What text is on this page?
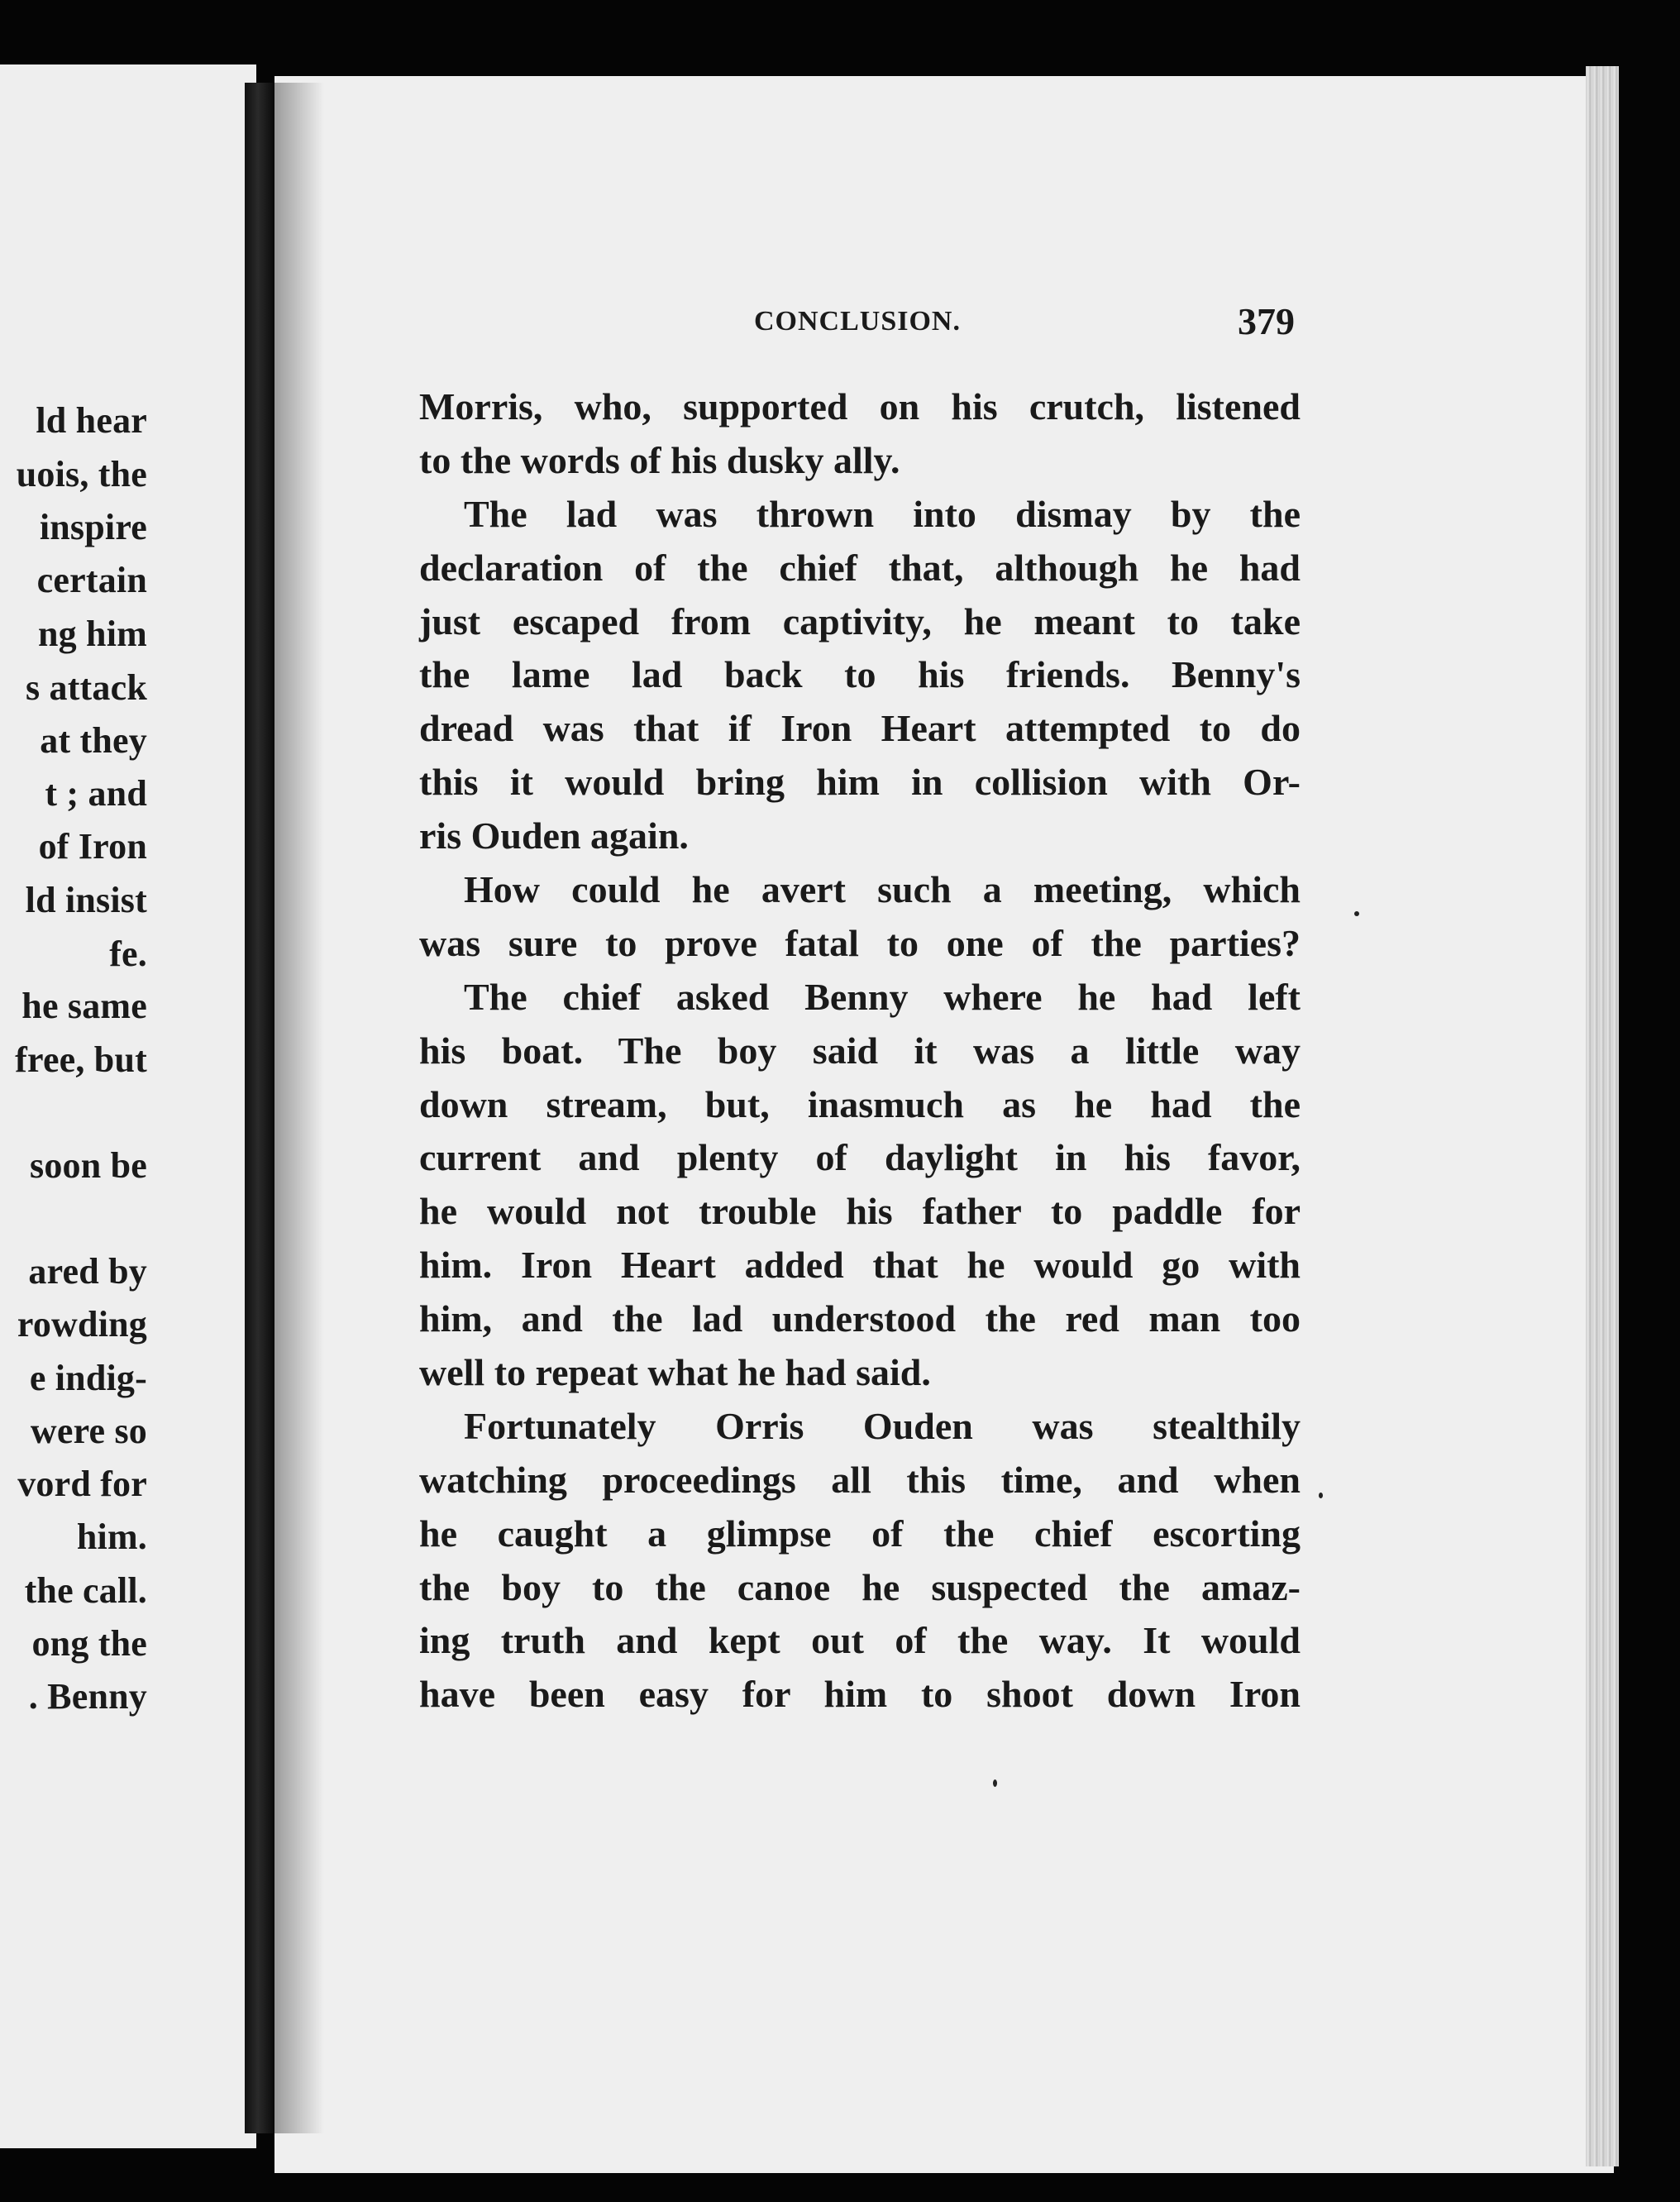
ld hear
uois, the
inspire
certain
ng him
s attack
at they
t ; and
of Iron
ld insist
fe.
he same
free, but
soon be
ared by
rowding
e indig-
were so
vord for
him.
the call.
ong the
. Benny
CONCLUSION.	379
Morris, who, supported on his crutch, listened
to the words of his dusky ally.
The lad was thrown into dismay by the
declaration of the chief that, although he had
just escaped from captivity, he meant to take
the lame lad back to his friends. Benny's
dread was that if Iron Heart attempted to do
this it would bring him in collision with Or-
ris Ouden again.
How could he avert such a meeting, which
was sure to prove fatal to one of the parties?
The chief asked Benny where he had left
his boat. The boy said it was a little way
down stream, but, inasmuch as he had the
current and plenty of daylight in his favor,
he would not trouble his father to paddle for
him. Iron Heart added that he would go with
him, and the lad understood the red man too
well to repeat what he had said.
Fortunately Orris Ouden was stealthily
watching proceedings all this time, and when
he caught a glimpse of the chief escorting
the boy to the canoe he suspected the amaz-
ing truth and kept out of the way. It would
have been easy for him to shoot down Iron
